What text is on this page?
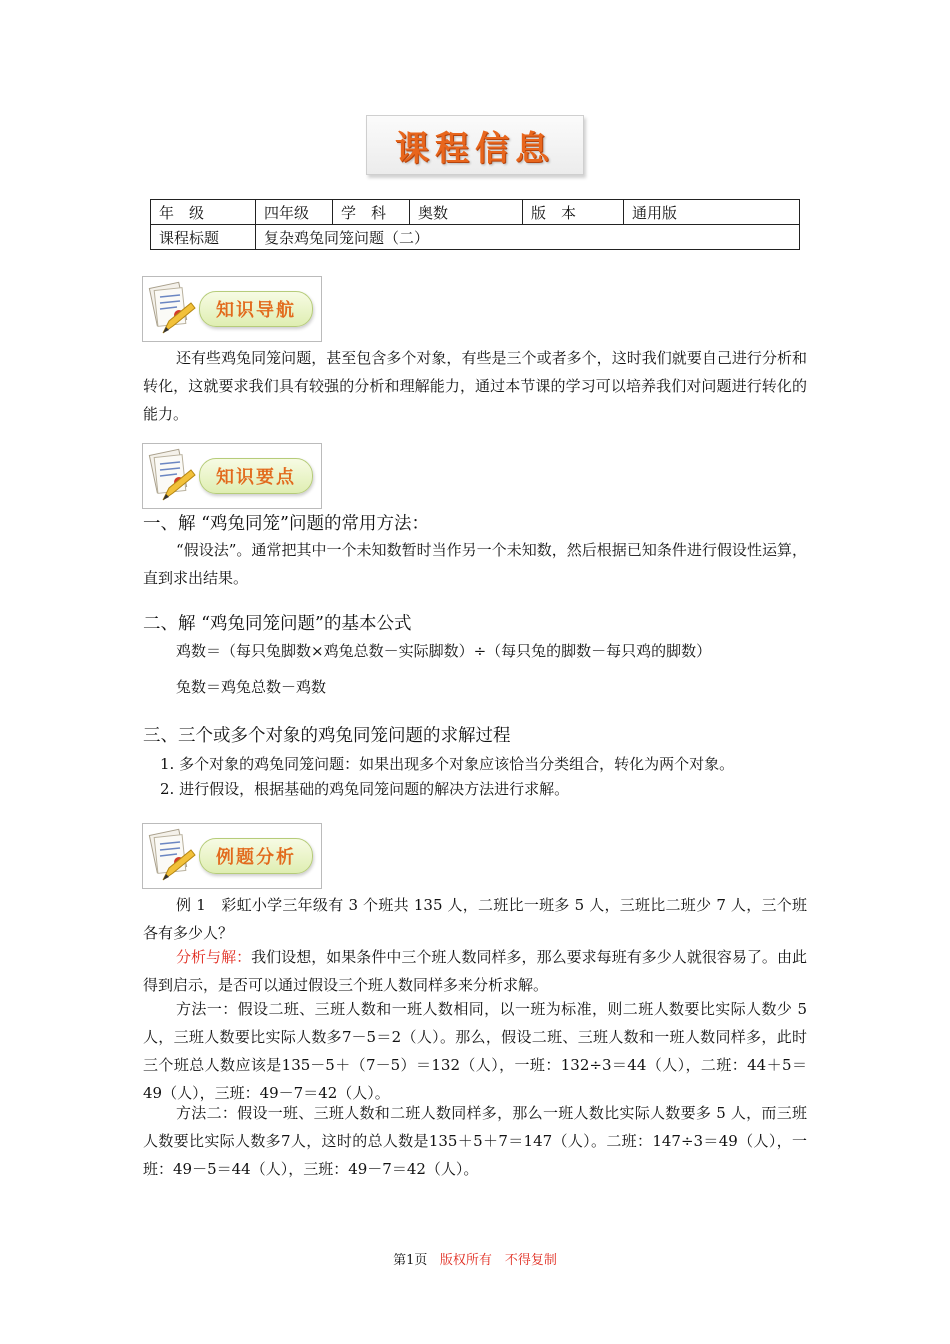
课程信息
年　级	四年级	学　科	奥数	版　本	通用版
课程标题	复杂鸡兔同笼问题（二）				
知识导航
还有些鸡兔同笼问题，甚至包含多个对象，有些是三个或者多个，这时我们就要自己进行分析和转化，这就要求我们具有较强的分析和理解能力，通过本节课的学习可以培养我们对问题进行转化的能力。
知识要点
一、解 “鸡兔同笼”问题的常用方法：
“假设法”。通常把其中一个未知数暂时当作另一个未知数，然后根据已知条件进行假设性运算，直到求出结果。
二、解 “鸡兔同笼问题”的基本公式
鸡数＝（每只兔脚数×鸡兔总数－实际脚数）÷（每只兔的脚数－每只鸡的脚数）
兔数＝鸡兔总数－鸡数
三、三个或多个对象的鸡兔同笼问题的求解过程
1. 多个对象的鸡兔同笼问题：如果出现多个对象应该恰当分类组合，转化为两个对象。
2. 进行假设，根据基础的鸡兔同笼问题的解决方法进行求解。
例题分析
例 1　彩虹小学三年级有 3 个班共 135 人，二班比一班多 5 人，三班比二班少 7 人，三个班各有多少人？
分析与解：我们设想，如果条件中三个班人数同样多，那么要求每班有多少人就很容易了。由此得到启示，是否可以通过假设三个班人数同样多来分析求解。
方法一：假设二班、三班人数和一班人数相同，以一班为标准，则二班人数要比实际人数少 5 人，三班人数要比实际人数多7－5＝2（人）。那么，假设二班、三班人数和一班人数同样多，此时三个班总人数应该是135－5＋（7－5）＝132（人），一班：132÷3＝44（人），二班：44＋5＝49（人），三班：49－7＝42（人）。
方法二：假设一班、三班人数和二班人数同样多，那么一班人数比实际人数要多 5 人，而三班人数要比实际人数多7人，这时的总人数是135＋5＋7＝147（人）。二班：147÷3＝49（人），一班：49－5＝44（人），三班：49－7＝42（人）。
第1页 版权所有　不得复制
